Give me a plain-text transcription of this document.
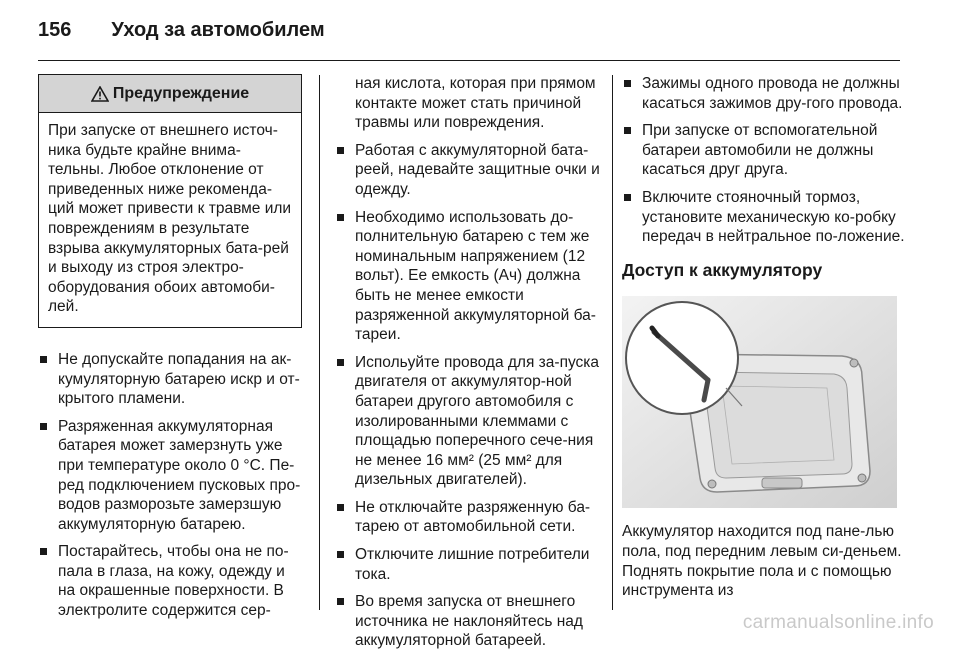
156 Уход за автомобилем
Предупреждение
При запуске от внешнего источ-ника будьте крайне внима-тельны. Любое отклонение от приведенных ниже рекоменда-ций может привести к травме или повреждениям в результате взрыва аккумуляторных бата-рей и выходу из строя электро-оборудования обоих автомоби-лей.
Не допускайте попадания на ак-кумуляторную батарею искр и от-крытого пламени.
Разряженная аккумуляторная батарея может замерзнуть уже при температуре около 0 °C. Пе-ред подключением пусковых про-водов разморозьте замерзшую аккумуляторную батарею.
Постарайтесь, чтобы она не по-пала в глаза, на кожу, одежду и на окрашенные поверхности. В электролите содержится сер-
ная кислота, которая при прямом контакте может стать причиной травмы или повреждения.
Работая с аккумуляторной бата-реей, надевайте защитные очки и одежду.
Необходимо использовать до-полнительную батарею с тем же номинальным напряжением (12 вольт). Ее емкость (Ач) должна быть не менее емкости разряженной аккумуляторной ба-тареи.
Испольуйте провода для за-пуска двигателя от аккумулятор-ной батареи другого автомобиля с изолированными клеммами с площадью поперечного сече-ния не менее 16 мм² (25 мм² для дизельных двигателей).
Не отключайте разряженную ба-тарею от автомобильной сети.
Отключите лишние потребители тока.
Во время запуска от внешнего источника не наклоняйтесь над аккумуляторной батареей.
Зажимы одного провода не должны касаться зажимов дру-гого провода.
При запуске от вспомогательной батареи автомобили не должны касаться друг друга.
Включите стояночный тормоз, установите механическую ко-робку передач в нейтральное по-ложение.
Доступ к аккумулятору
Аккумулятор находится под пане-лью пола, под передним левым си-деньем. Поднять покрытие пола и с помощью инструмента из
carmanualsonline.info
